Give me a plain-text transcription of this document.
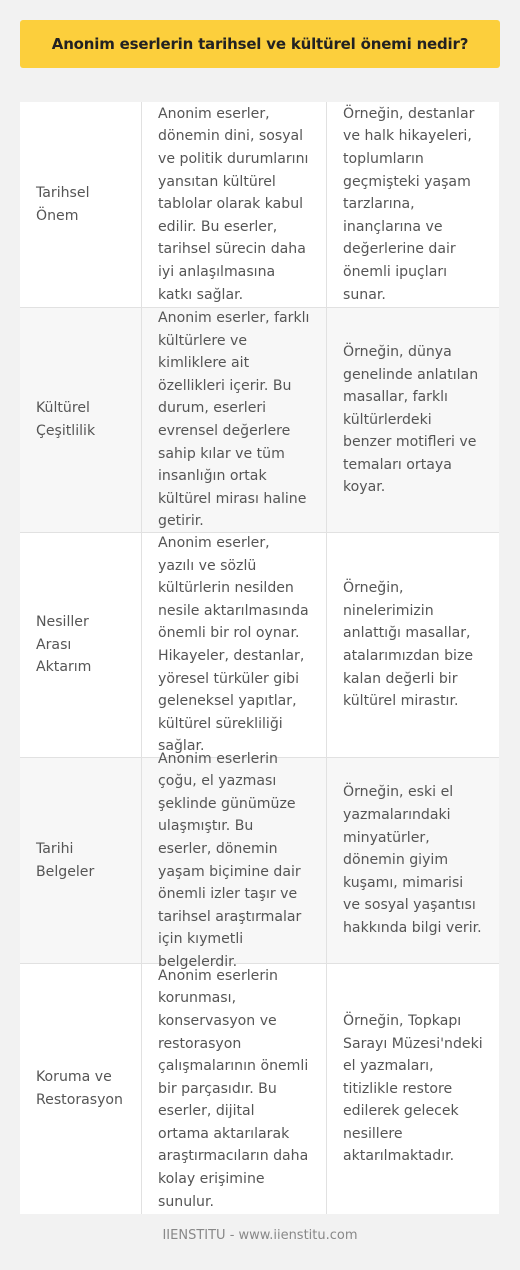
Anonim eserlerin tarihsel ve kültürel önemi nedir?
Tarihsel Önem
Anonim eserler, dönemin dini, sosyal ve politik durumlarını yansıtan kültürel tablolar olarak kabul edilir. Bu eserler, tarihsel sürecin daha iyi anlaşılmasına katkı sağlar.
Örneğin, destanlar ve halk hikayeleri, toplumların geçmişteki yaşam tarzlarına, inançlarına ve değerlerine dair önemli ipuçları sunar.
Kültürel Çeşitlilik
Anonim eserler, farklı kültürlere ve kimliklere ait özellikleri içerir. Bu durum, eserleri evrensel değerlere sahip kılar ve tüm insanlığın ortak kültürel mirası haline getirir.
Örneğin, dünya genelinde anlatılan masallar, farklı kültürlerdeki benzer motifleri ve temaları ortaya koyar.
Nesiller Arası Aktarım
Anonim eserler, yazılı ve sözlü kültürlerin nesilden nesile aktarılmasında önemli bir rol oynar. Hikayeler, destanlar, yöresel türküler gibi geleneksel yapıtlar, kültürel sürekliliği sağlar.
Örneğin, ninelerimizin anlattığı masallar, atalarımızdan bize kalan değerli bir kültürel mirastır.
Tarihi Belgeler
Anonim eserlerin çoğu, el yazması şeklinde günümüze ulaşmıştır. Bu eserler, dönemin yaşam biçimine dair önemli izler taşır ve tarihsel araştırmalar için kıymetli belgelerdir.
Örneğin, eski el yazmalarındaki minyatürler, dönemin giyim kuşamı, mimarisi ve sosyal yaşantısı hakkında bilgi verir.
Koruma ve Restorasyon
Anonim eserlerin korunması, konservasyon ve restorasyon çalışmalarının önemli bir parçasıdır. Bu eserler, dijital ortama aktarılarak araştırmacıların daha kolay erişimine sunulur.
Örneğin, Topkapı Sarayı Müzesi'ndeki el yazmaları, titizlikle restore edilerek gelecek nesillere aktarılmaktadır.
IIENSTITU - www.iienstitu.com
